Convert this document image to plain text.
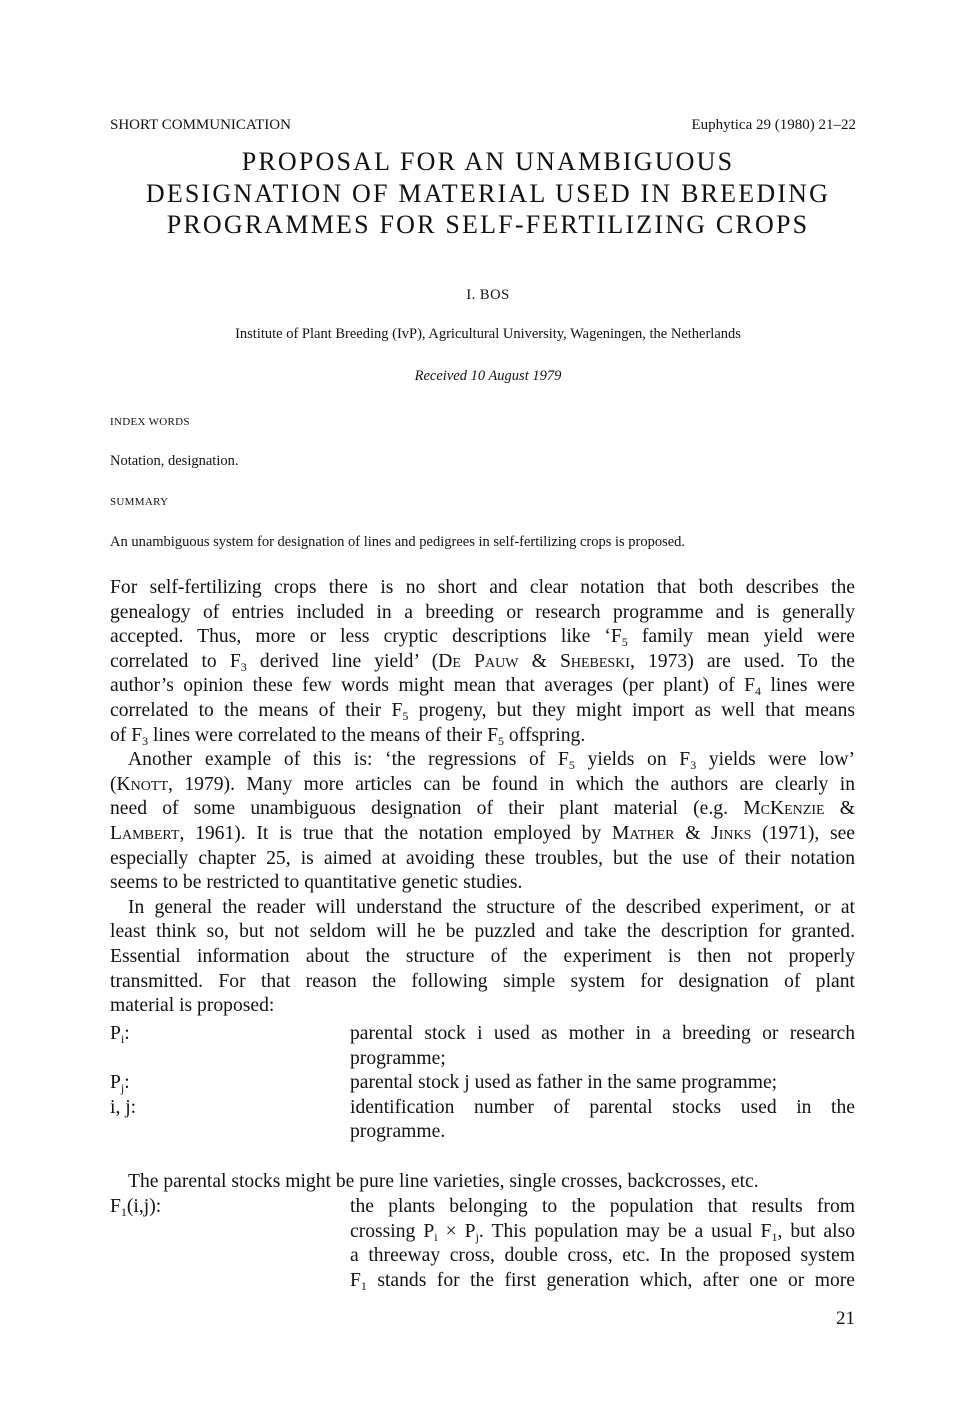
SHORT COMMUNICATION	Euphytica 29 (1980) 21–22
PROPOSAL FOR AN UNAMBIGUOUS
DESIGNATION OF MATERIAL USED IN BREEDING
PROGRAMMES FOR SELF-FERTILIZING CROPS
I. BOS
Institute of Plant Breeding (IvP), Agricultural University, Wageningen, the Netherlands
Received 10 August 1979
INDEX WORDS
Notation, designation.
SUMMARY
An unambiguous system for designation of lines and pedigrees in self-fertilizing crops is proposed.
For self-fertilizing crops there is no short and clear notation that both describes the
genealogy of entries included in a breeding or research programme and is generally
accepted. Thus, more or less cryptic descriptions like ‘$F_5$ family mean yield were
correlated to $F_3$ derived line yield’ (De Pauw & Shebeski, 1973) are used. To the
author’s opinion these few words might mean that averages (per plant) of $F_4$ lines were
correlated to the means of their $F_5$ progeny, but they might import as well that means
of $F_3$ lines were correlated to the means of their $F_5$ offspring.
Another example of this is: ‘the regressions of $F_5$ yields on $F_3$ yields were low’
(Knott, 1979). Many more articles can be found in which the authors are clearly in
need of some unambiguous designation of their plant material (e.g. McKenzie &
Lambert, 1961). It is true that the notation employed by Mather & Jinks (1971), see
especially chapter 25, is aimed at avoiding these troubles, but the use of their notation
seems to be restricted to quantitative genetic studies.
In general the reader will understand the structure of the described experiment, or at
least think so, but not seldom will he be puzzled and take the description for granted.
Essential information about the structure of the experiment is then not properly
transmitted. For that reason the following simple system for designation of plant
material is proposed:
$P_i$:	parental stock i used as mother in a breeding or research
programme;
$P_j$:	parental stock j used as father in the same programme;
i, j:	identification number of parental stocks used in the
programme.
The parental stocks might be pure line varieties, single crosses, backcrosses, etc.
$F_1(i,j)$:	the plants belonging to the population that results from
crossing $P_i \times P_j$. This population may be a usual $F_1$, but also
a threeway cross, double cross, etc. In the proposed system
$F_1$ stands for the first generation which, after one or more
21
